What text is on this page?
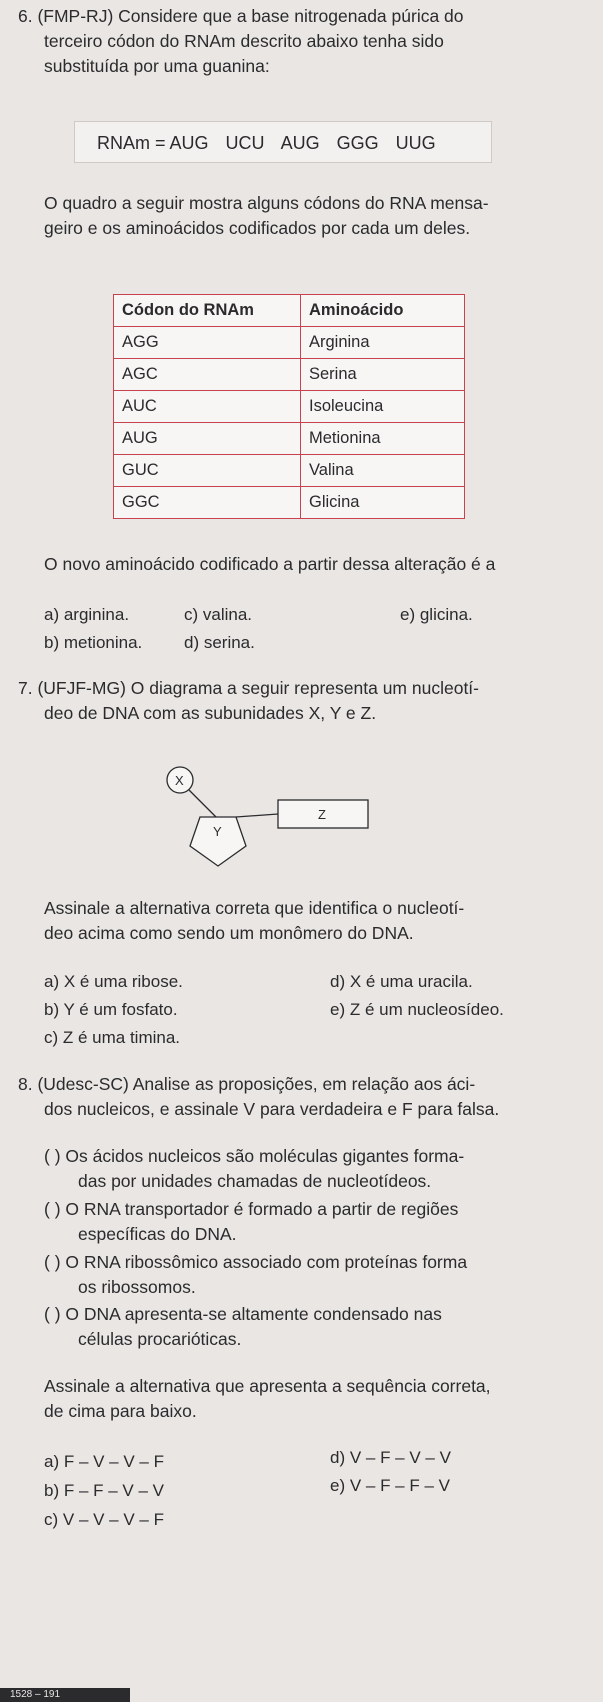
6. (FMP-RJ) Considere que a base nitrogenada púrica do
terceiro códon do RNAm descrito abaixo tenha sido
substituída por uma guanina:
RNAm = AUG UCU AUG GGG UUG
O quadro a seguir mostra alguns códons do RNA mensa-
geiro e os aminoácidos codificados por cada um deles.
Códon do RNAm	Aminoácido
AGG	Arginina
AGC	Serina
AUC	Isoleucina
AUG	Metionina
GUC	Valina
GGC	Glicina
O novo aminoácido codificado a partir dessa alteração é a
a) arginina.	c) valina.	e) glicina.
b) metionina. d) serina.
7. (UFJF-MG) O diagrama a seguir representa um nucleotí-
deo de DNA com as subunidades X, Y e Z.
X
Y
Z
Assinale a alternativa correta que identifica o nucleotí-
deo acima como sendo um monômero do DNA.
a) X é uma ribose.	d) X é uma uracila.
b) Y é um fosfato.	e) Z é um nucleosídeo.
c) Z é uma timina.
8. (Udesc-SC) Analise as proposições, em relação aos áci-
dos nucleicos, e assinale V para verdadeira e F para falsa.
( ) Os ácidos nucleicos são moléculas gigantes forma-
das por unidades chamadas de nucleotídeos.
( ) O RNA transportador é formado a partir de regiões
específicas do DNA.
( ) O RNA ribossômico associado com proteínas forma
os ribossomos.
( ) O DNA apresenta-se altamente condensado nas
células procarióticas.
Assinale a alternativa que apresenta a sequência correta,
de cima para baixo.
a) F – V – V – F	d) V – F – V – V
b) F – F – V – V	e) V – F – F – V
c) V – V – V – F
1528 – 191
